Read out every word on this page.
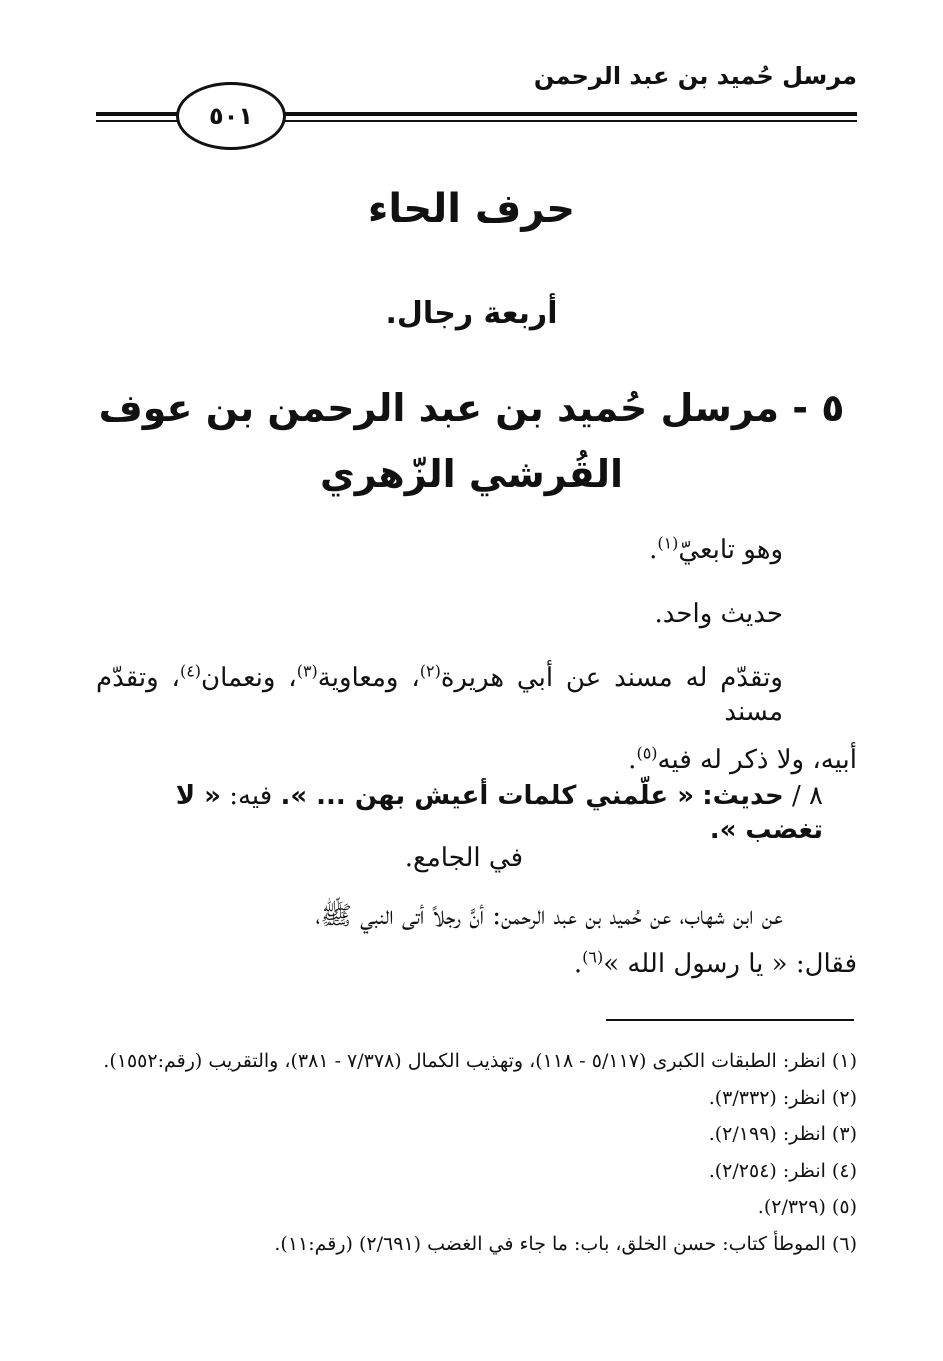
مرسل حُميد بن عبد الرحمن
٥٠١
حرف الحاء
أربعة رجال.
٥ - مرسل حُميد بن عبد الرحمن بن عوف
القُرشي الزّهري
وهو تابعيّ$^{(١)}$.
حديث واحد.
وتقدّم له مسند عن أبي هريرة$^{(٢)}$، ومعاوية$^{(٣)}$، ونعمان$^{(٤)}$، وتقدّم مسند
أبيه، ولا ذكر له فيه$^{(٥)}$.
٨ / حديث: « علّمني كلمات أعيش بهن ... ». فيه: « لا تغضب ».
في الجامع.
عن ابن شهاب، عن حُميد بن عبد الرحمن: أنَّ رجلاً أتى النبي ﷺ،
فقال: « يا رسول الله »$^{(٦)}$.
(١) انظر: الطبقات الكبرى (٥/١١٧ - ١١٨)، وتهذيب الكمال (٧/٣٧٨ - ٣٨١)، والتقريب (رقم:١٥٥٢).
(٢) انظر: (٣/٣٣٢).
(٣) انظر: (٢/١٩٩).
(٤) انظر: (٢/٢٥٤).
(٥) (٢/٣٢٩).
(٦) الموطأ كتاب: حسن الخلق، باب: ما جاء في الغضب (٢/٦٩١) (رقم:١١).
